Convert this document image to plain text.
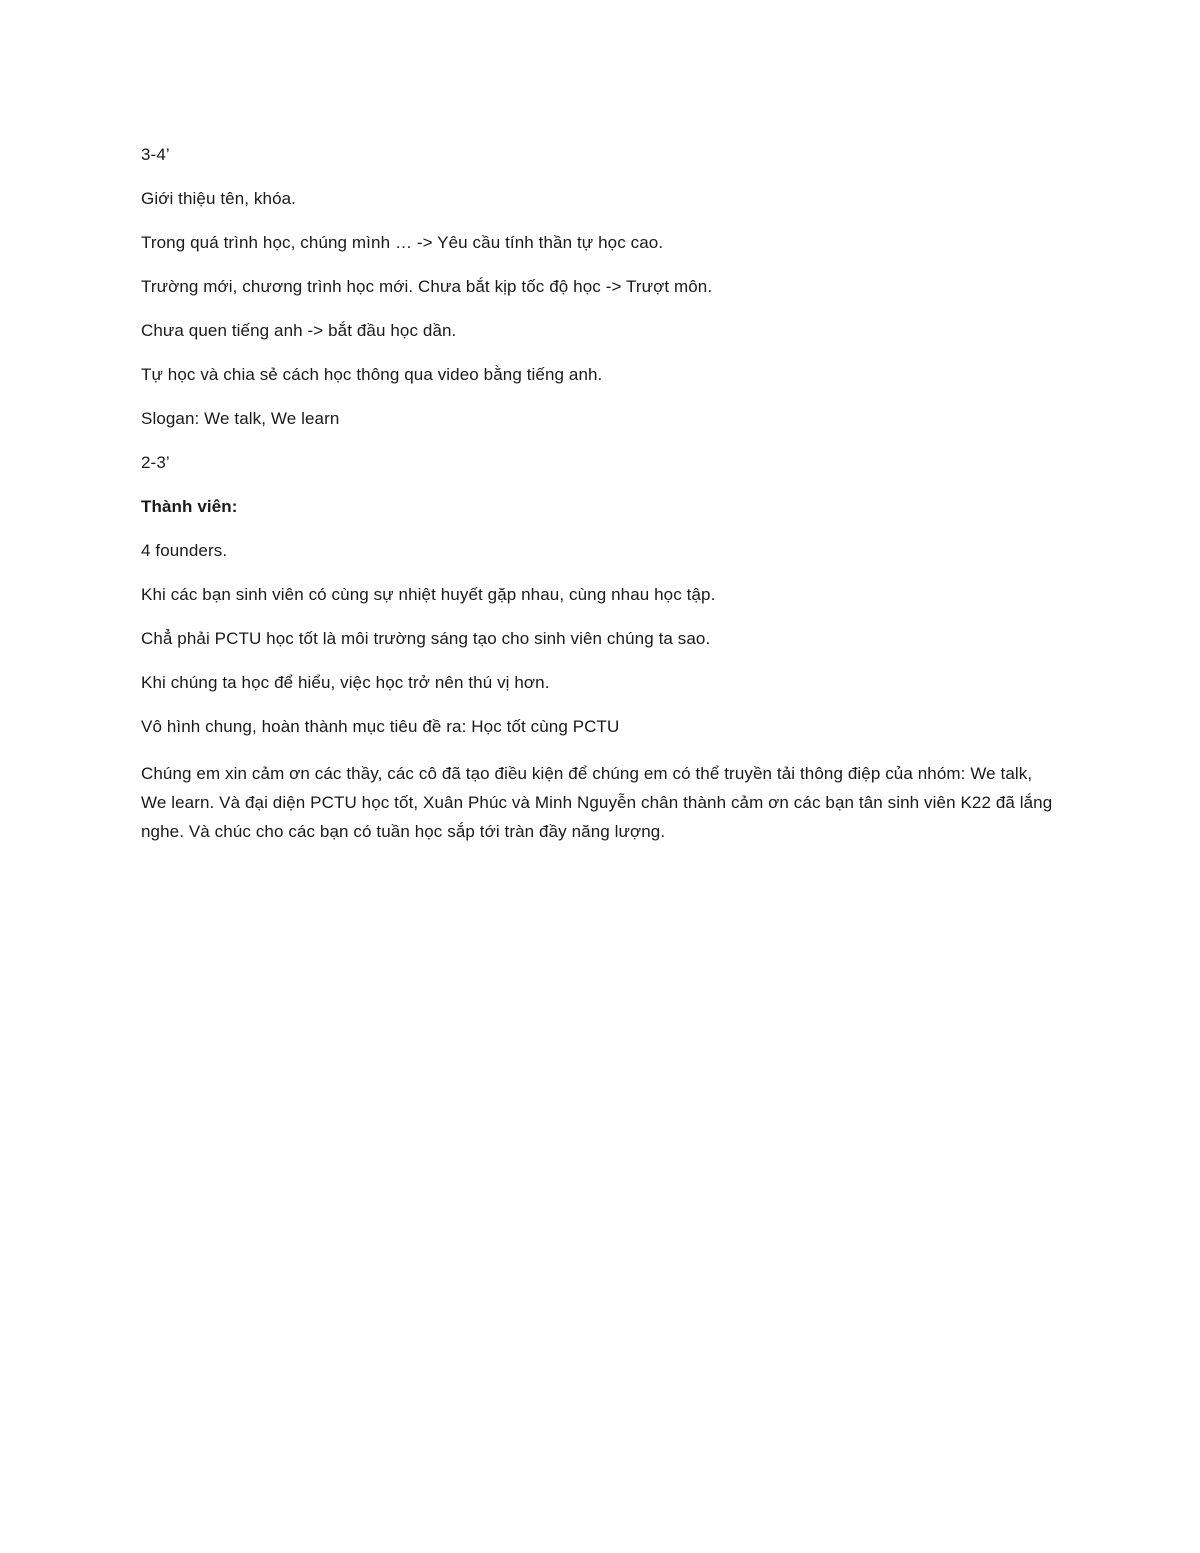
3-4’

Giới thiệu tên, khóa.

Trong quá trình học, chúng mình … -> Yêu cầu tính thần tự học cao.

Trường mới, chương trình học mới. Chưa bắt kịp tốc độ học -> Trượt môn.

Chưa quen tiếng anh -> bắt đầu học dần.

Tự học và chia sẻ cách học thông qua video bằng tiếng anh.

Slogan: We talk, We learn

2-3’

Thành viên:

4 founders.

Khi các bạn sinh viên có cùng sự nhiệt huyết gặp nhau, cùng nhau học tập.

Chẳ phải PCTU học tốt là môi trường sáng tạo cho sinh viên chúng ta sao.

Khi chúng ta học để hiểu, việc học trở nên thú vị hơn.

Vô hình chung, hoàn thành mục tiêu đề ra: Học tốt cùng PCTU

Chúng em xin cảm ơn các thầy, các cô đã tạo điều kiện để chúng em có thể truyền tải thông điệp của nhóm: We talk, We learn. Và đại diện PCTU học tốt, Xuân Phúc và Minh Nguyễn chân thành cảm ơn các bạn tân sinh viên K22 đã lắng nghe. Và chúc cho các bạn có tuần học sắp tới tràn đầy năng lượng.
